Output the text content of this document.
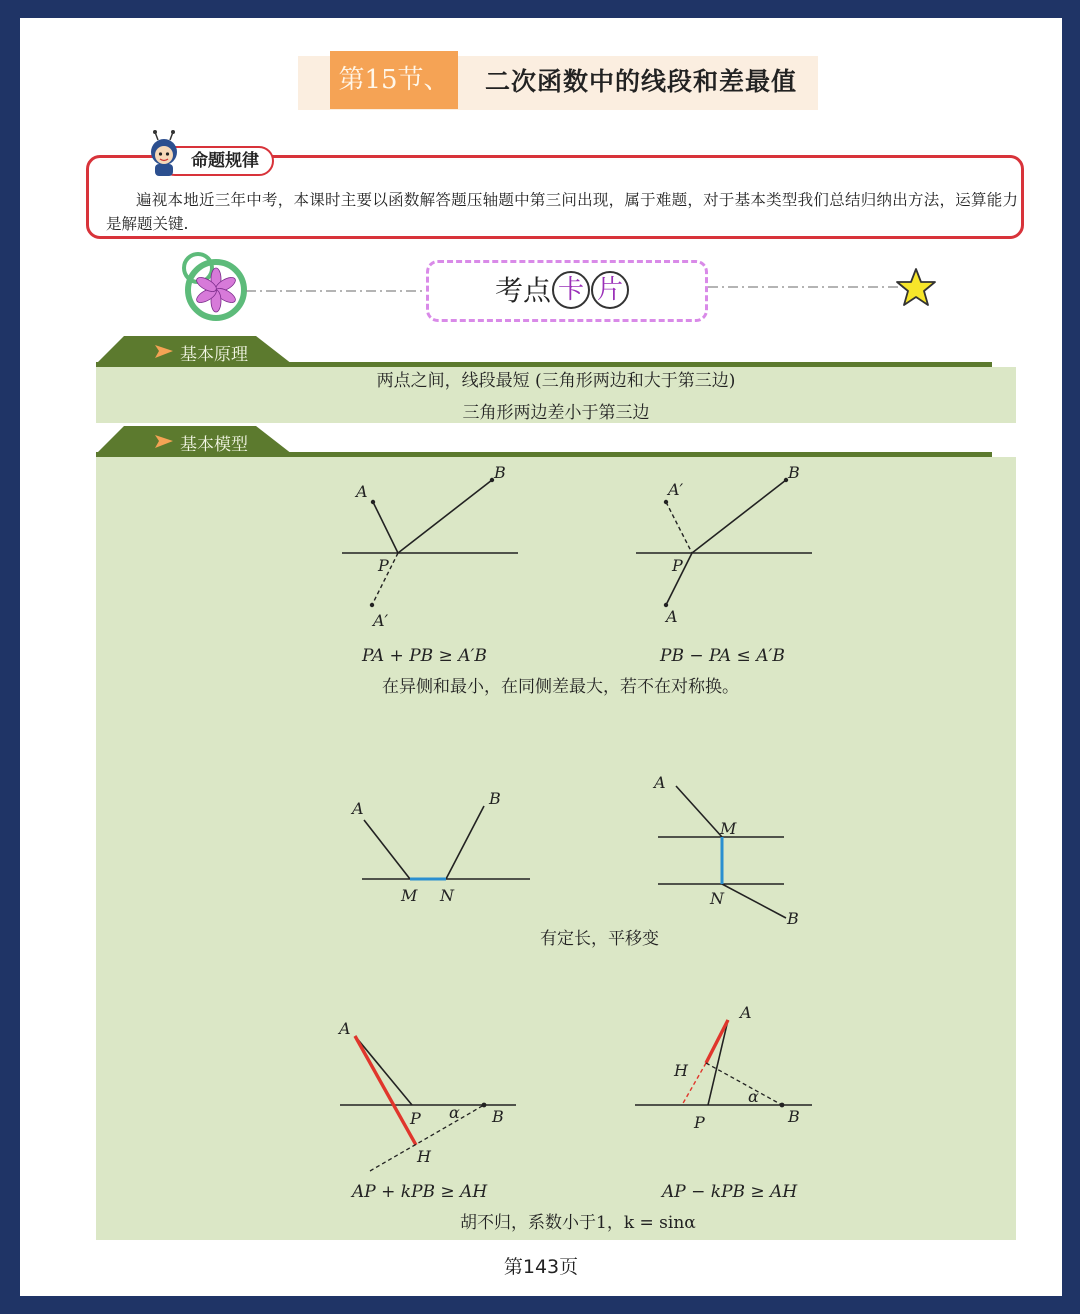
第15节、	二次函数中的线段和差最值
遍视本地近三年中考，本课时主要以函数解答题压轴题中第三问出现，属于难题，对于基本类型我们总结归纳出方法，运算能力是解题关键.
命题规律
考点 卡 片
基本原理
两点之间，线段最短 (三角形两边和大于第三边)
三角形两边差小于第三边
基本模型
A
B
P
A′
A′
B
P
A
PA + PB ≥ A′B	PB − PA ≤ A′B
在异侧和最小，在同侧差最大，若不在对称换。
A
B
M N
A
M
N
B
有定长，平移变
A
P α B
H
A
H
P
α
B
AP + kPB ≥ AH	AP − kPB ≥ AH
胡不归，系数小于1，k = sinα
第143页
